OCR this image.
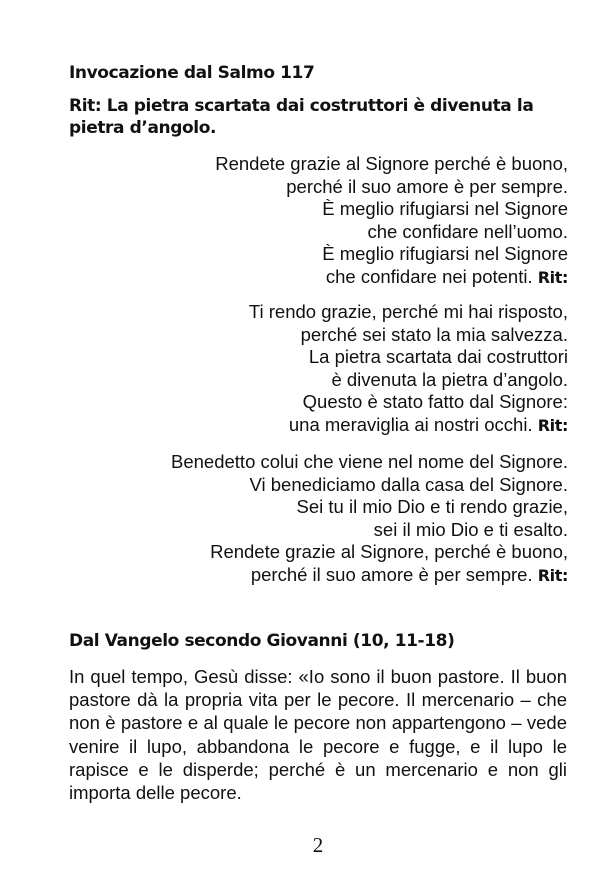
Invocazione dal Salmo 117

Rit: La pietra scartata dai costruttori è divenuta la pietra d’angolo.

Rendete grazie al Signore perché è buono,
perché il suo amore è per sempre.
È meglio rifugiarsi nel Signore
che confidare nell’uomo.
È meglio rifugiarsi nel Signore
che confidare nei potenti. Rit:

Ti rendo grazie, perché mi hai risposto,
perché sei stato la mia salvezza.
La pietra scartata dai costruttori
è divenuta la pietra d’angolo.
Questo è stato fatto dal Signore:
una meraviglia ai nostri occhi. Rit:

Benedetto colui che viene nel nome del Signore.
Vi benediciamo dalla casa del Signore.
Sei tu il mio Dio e ti rendo grazie,
sei il mio Dio e ti esalto.
Rendete grazie al Signore, perché è buono,
perché il suo amore è per sempre. Rit:

Dal Vangelo secondo Giovanni (10, 11-18)

In quel tempo, Gesù disse: «Io sono il buon pastore. Il buon pastore dà la propria vita per le pecore. Il mercenario – che non è pastore e al quale le pecore non appartengono – vede venire il lupo, abbandona le pecore e fugge, e il lupo le rapisce e le disperde; perché è un mercenario e non gli importa delle pecore.

2
